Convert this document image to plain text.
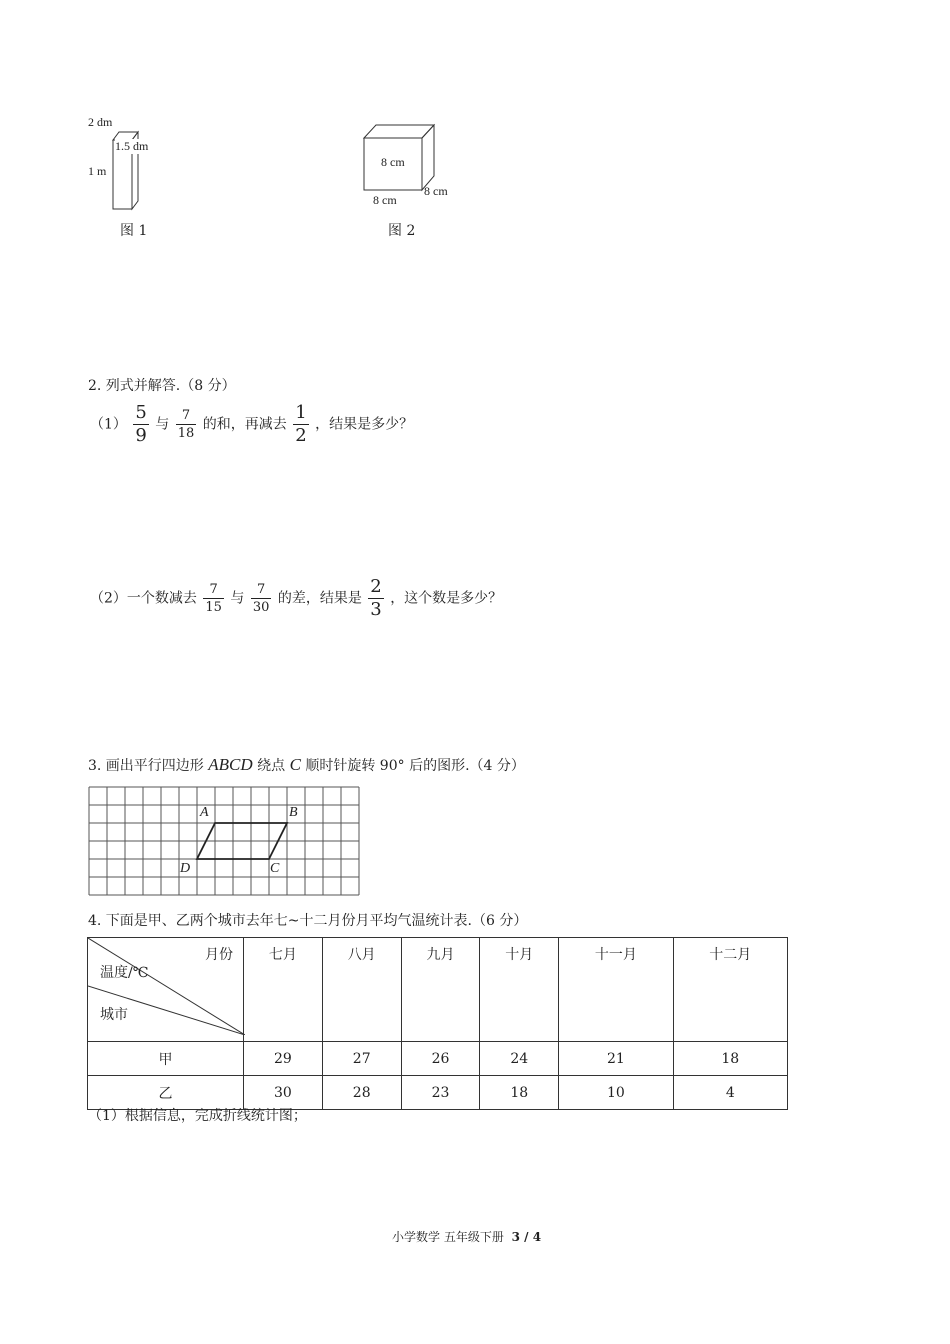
2 dm
1.5 dm
1 m
图 1
8 cm
8 cm
8 cm
图 2
2. 列式并解答.（8 分）
$(1) \frac{5}{9}$ 与 $\frac{7}{18}$ 的和，再减去 $\frac{1}{2}$ ，结果是多少？
（2）一个数减去 $\frac{7}{15}$ 与 $\frac{7}{30}$ 的差，结果是 $\frac{2}{3}$ ，这个数是多少？
3. 画出平行四边形 ABCD 绕点 C 顺时针旋转 90° 后的图形.（4 分）
A	B
C
D
4. 下面是甲、乙两个城市去年七~十二月份月平均气温统计表.（6 分）
月份
温度/℃
城市	七月	八月	九月	十月	十一月	十二月
甲	29	27	26	24	21	18
乙	30	28	23	18	10	4
（1）根据信息，完成折线统计图；
小学数学 五年级下册 3 / 4
